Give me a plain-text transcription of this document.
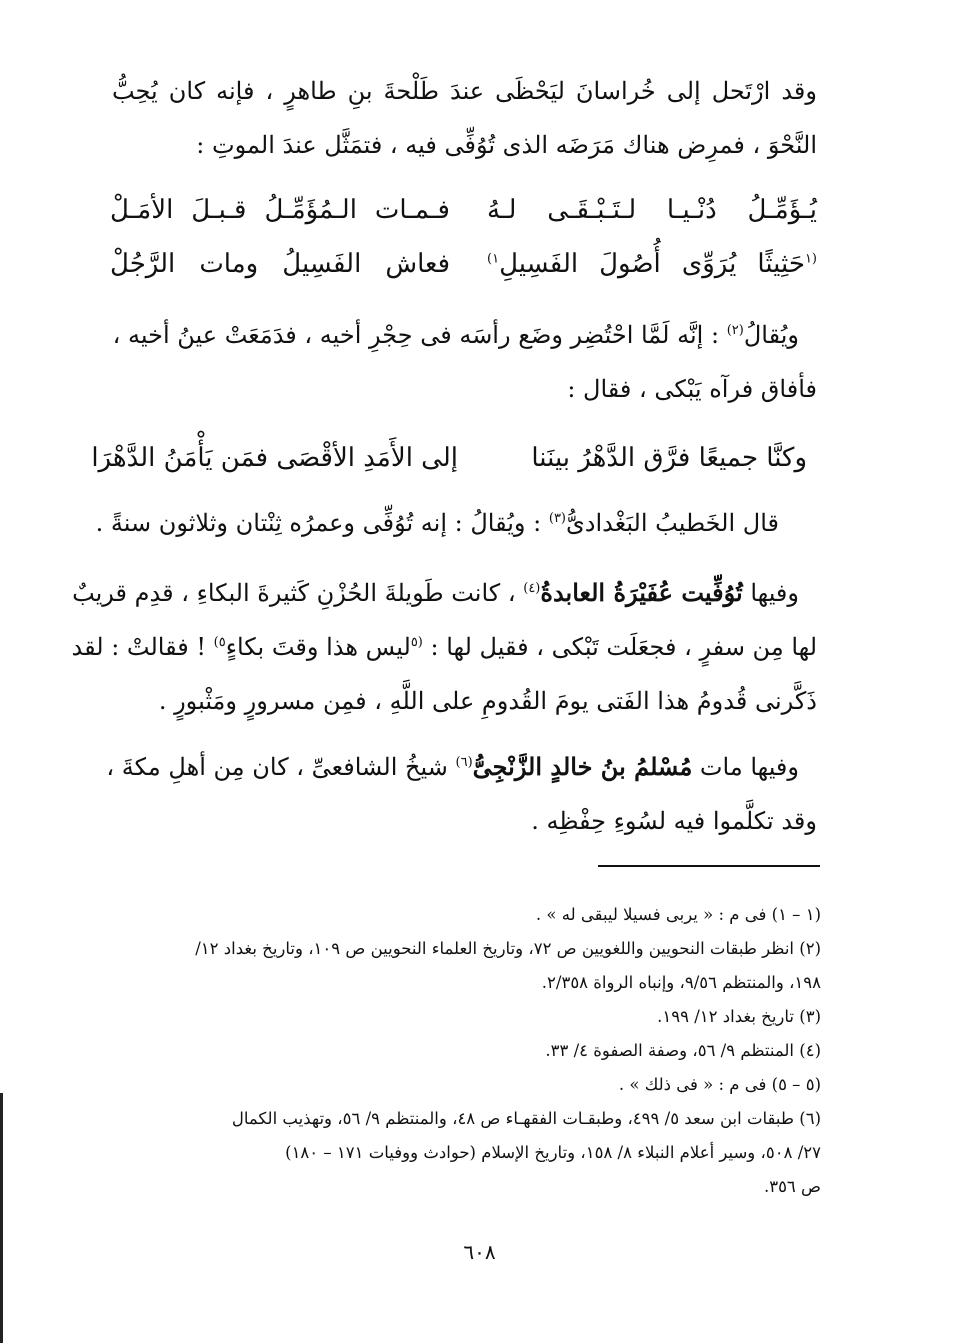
وقد ارْتَحل إلى خُراسانَ ليَحْظَى عندَ طَلْحةَ بنِ طاهرٍ ، فإنه كان يُحِبُّ
النَّحْوَ ، فمرِض هناك مَرَضَه الذى تُوُفِّى فيه ، فتمَثَّل عندَ الموتِ :
يُـؤَمِّـلُ دُنْـيـا لـتَـبْـقَـى لـهُ
فـمـات الـمُؤَمِّـلُ قـبـلَ الأمَـلْ
$^{(١}$حَثِيثًا يُرَوِّى أُصُولَ الفَسِيلِ$^{١)}$
فعاش الفَسِيلُ ومات الرَّجُلْ
ويُقالُ$^{(٢)}$ : إنَّه لَمَّا احْتُضِر وضَع رأسَه فى حِجْرِ أخيه ، فدَمَعَتْ عينُ أخيه ،
فأفاق فرآه يَبْكى ، فقال :
وكنَّا جميعًا فرَّق الدَّهْرُ بينَنا
إلى الأَمَدِ الأقْصَى فمَن يَأْمَنُ الدَّهْرَا
قال الخَطيبُ البَغْدادىُّ$^{(٣)}$ : ويُقالُ : إنه تُوُفِّى وعمرُه ثِنْتان وثلاثون سنةً .
وفيها تُوُفِّيت عُفَيْرَةُ العابدةُ$^{(٤)}$ ، كانت طَويلةَ الحُزْنِ كَثيرةَ البكاءِ ، قدِم قريبٌ
لها مِن سفرٍ ، فجعَلَت تَبْكى ، فقيل لها : $^{(٥}$ليس هذا وقتَ بكاءٍ$^{٥)}$ ! فقالتْ : لقد
ذَكَّرنى قُدومُ هذا الفَتى يومَ القُدومِ على اللَّهِ ، فمِن مسرورٍ ومَثْبورٍ .
وفيها مات مُسْلمُ بنُ خالدٍ الزَّنْجِىُّ$^{(٦)}$ شيخُ الشافعىِّ ، كان مِن أهلِ مكةَ ،
وقد تكلَّموا فيه لسُوءِ حِفْظِه .
(١ – ١) فى م : « يربى فسيلا ليبقى له » .
(٢) انظر طبقات النحويين واللغويين ص ٧٢، وتاريخ العلماء النحويين ص ١٠٩، وتاريخ بغداد ١٢/
١٩٨، والمنتظم ٩/٥٦، وإنباه الرواة ٢/٣٥٨.
(٣) تاريخ بغداد ١٢/ ١٩٩.
(٤) المنتظم ٩/ ٥٦، وصفة الصفوة ٤/ ٣٣.
(٥ – ٥) فى م : « فى ذلك » .
(٦) طبقات ابن سعد ٥/ ٤٩٩، وطبقـات الفقهـاء ص ٤٨، والمنتظم ٩/ ٥٦، وتهذيب الكمال
٢٧/ ٥٠٨، وسير أعلام النبلاء ٨/ ١٥٨، وتاريخ الإسلام (حوادث ووفيات ١٧١ – ١٨٠)
ص ٣٥٦.
٦٠٨
